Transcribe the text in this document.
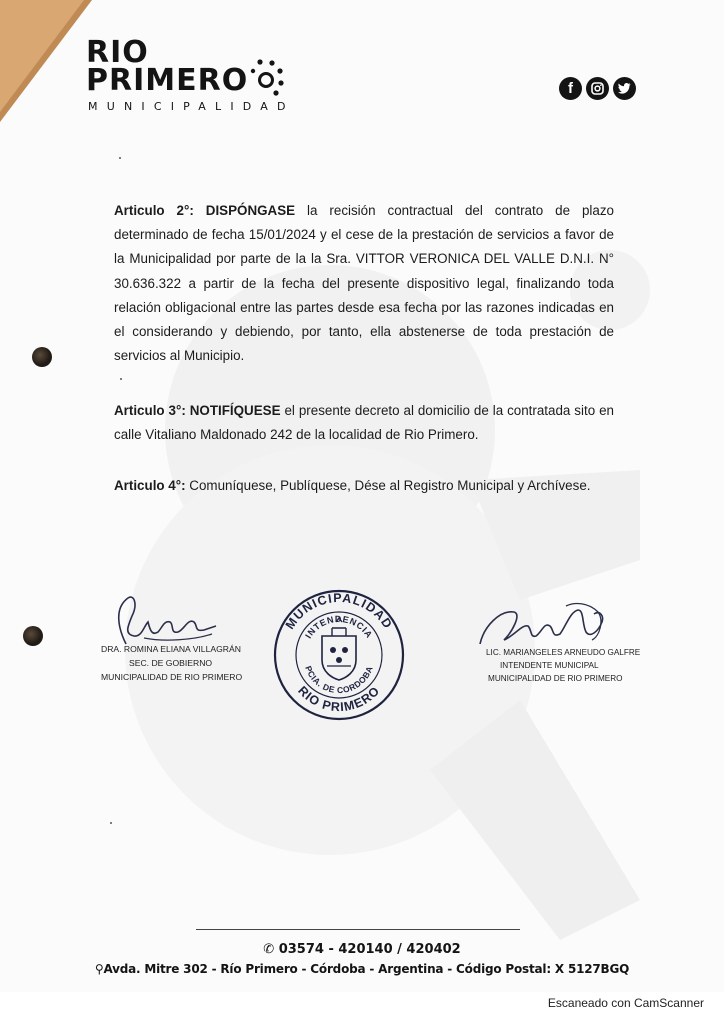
RIO
PRIMERO
MUNICIPALIDAD
f

Articulo 2°: DISPÓNGASE la recisión contractual del contrato de plazo determinado de fecha 15/01/2024 y el cese de la prestación de servicios a favor de la Municipalidad por parte de la la Sra. VITTOR VERONICA DEL VALLE D.N.I. N° 30.636.322 a partir de la fecha del presente dispositivo legal, finalizando toda relación obligacional entre las partes desde esa fecha por las razones indicadas en el considerando y debiendo, por tanto, ella abstenerse de toda prestación de servicios al Municipio.

Articulo 3°: NOTIFÍQUESE el presente decreto al domicilio de la contratada sito en calle Vitaliano Maldonado 242 de la localidad de Rio Primero.

Articulo 4°: Comuníquese, Publíquese, Dése al Registro Municipal y Archívese.

DRA. ROMINA ELIANA VILLAGRÁN
SEC. DE GOBIERNO
MUNICIPALIDAD DE RIO PRIMERO
MUNICIPALIDAD
INTENDENCIA
PCIA. DE CORDOBA
RIO PRIMERO
LIC. MARIANGELES ARNEUDO GALFRE
INTENDENTE MUNICIPAL
MUNICIPALIDAD DE RIO PRIMERO
✆ 03574 - 420140 / 420402
⚲Avda. Mitre 302 - Río Primero - Córdoba - Argentina - Código Postal: X 5127BGQ
Escaneado con CamScanner
